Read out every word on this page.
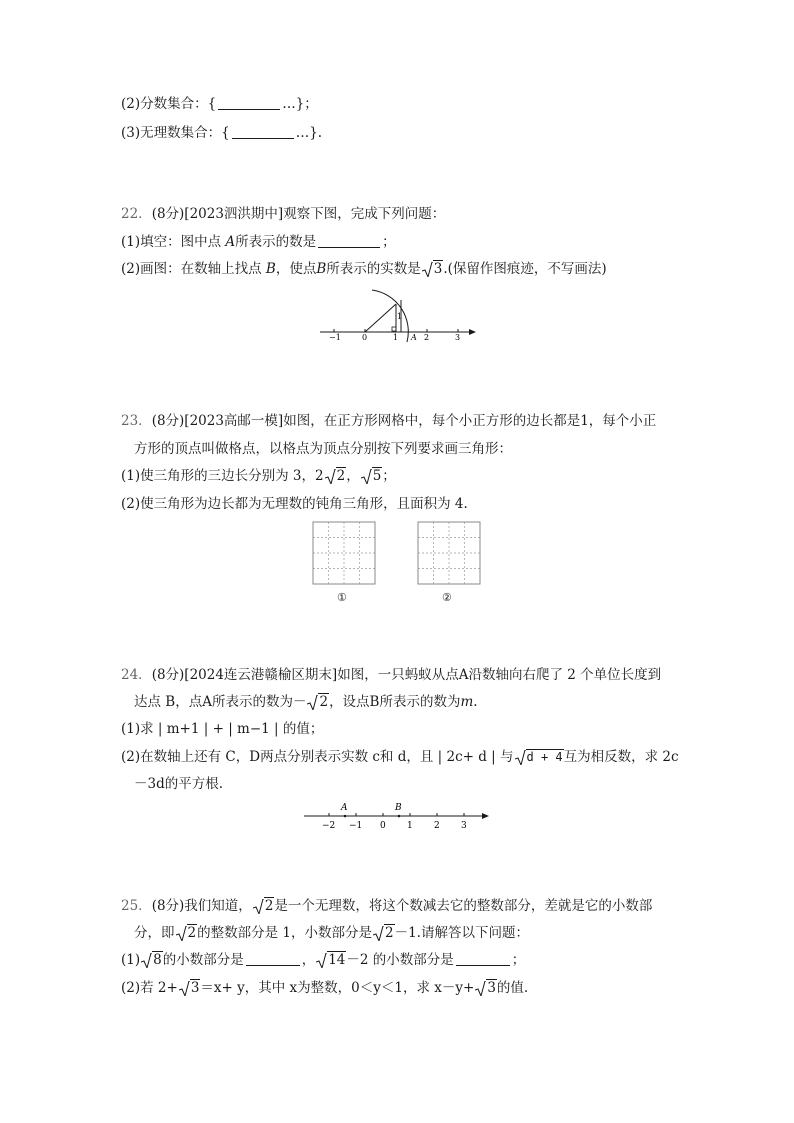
(2)分数集合：{	…}；
(3)无理数集合：{	…}.
22．(8分)[2023泗洪期中]观察下图，完成下列问题：
(1)填空：图中点 A所表示的数是	；
(2)画图：在数轴上找点 B，使点B所表示的实数是 3.(保留作图痕迹，不写画法)
1
−1	0	1 A 2	3
23．(8分)[2023高邮一模]如图，在正方形网格中，每个小正方形的边长都是1，每个小正
方形的顶点叫做格点，以格点为顶点分别按下列要求画三角形：
(1)使三角形的三边长分别为 3，2 2， 5；
(2)使三角形为边长都为无理数的钝角三角形，且面积为 4.
①	②
24．(8分)[2024连云港赣榆区期末]如图，一只蚂蚁从点A沿数轴向右爬了 2 个单位长度到
达点 B，点A所表示的数为－ 2，设点B所表示的数为m.
(1)求 | m+1 | + | m−1 | 的值；
(2)在数轴上还有 C，D两点分别表示实数 c和 d，且 | 2c+ d | 与 d + 4互为相反数，求 2c
－3d的平方根.
A	B
−2 −1 0 1 2 3
25．(8分)我们知道， 2是一个无理数，将这个数减去它的整数部分，差就是它的小数部
分，即 2的整数部分是 1，小数部分是 2－1.请解答以下问题：
(1) 8的小数部分是	， 14－2 的小数部分是	；
(2)若 2+ 3＝x+ y，其中 x为整数，0＜y＜1，求 x－y+ 3的值.
